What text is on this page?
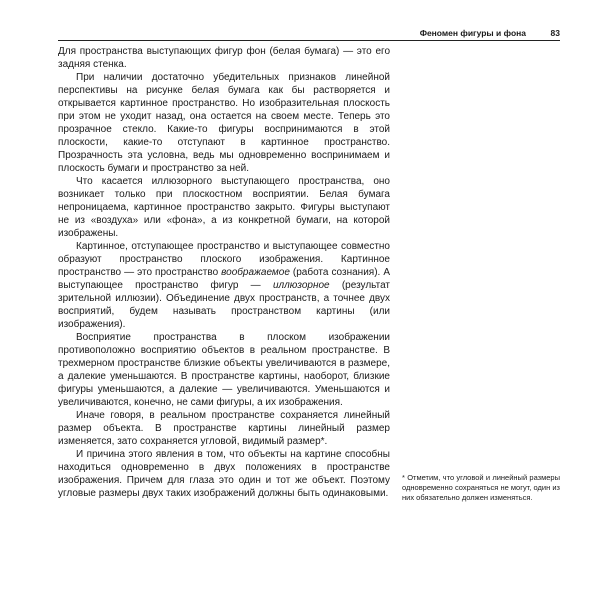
Феномен фигуры и фона	83

Для пространства выступающих фигур фон (белая бумага) — это его задняя стенка.

При наличии достаточно убедительных признаков линейной перспективы на рисунке белая бумага как бы растворяется и открывается картинное пространство. Но изобразительная плоскость при этом не уходит назад, она остается на своем месте. Теперь это прозрачное стекло. Какие-то фигуры воспринимаются в этой плоскости, какие-то отступают в картинное пространство. Прозрачность эта условна, ведь мы одновременно воспринимаем и плоскость бумаги и пространство за ней.

Что касается иллюзорного выступающего пространства, оно возникает только при плоскостном восприятии. Белая бумага непроницаема, картинное пространство закрыто. Фигуры выступают не из «воздуха» или «фона», а из конкретной бумаги, на которой изображены.

Картинное, отступающее пространство и выступающее совместно образуют пространство плоского изображения. Картинное пространство — это пространство воображаемое (работа сознания). А выступающее пространство фигур — иллюзорное (результат зрительной иллюзии). Объединение двух пространств, а точнее двух восприятий, будем называть пространством картины (или изображения).

Восприятие пространства в плоском изображении противоположно восприятию объектов в реальном пространстве. В трехмерном пространстве близкие объекты увеличиваются в размере, а далекие уменьшаются. В пространстве картины, наоборот, близкие фигуры уменьшаются, а далекие — увеличиваются. Уменьшаются и увеличиваются, конечно, не сами фигуры, а их изображения.

Иначе говоря, в реальном пространстве сохраняется линейный размер объекта. В пространстве картины линейный размер изменяется, зато сохраняется угловой, видимый размер*.

И причина этого явления в том, что объекты на картине способны находиться одновременно в двух положениях в пространстве изображения. Причем для глаза это один и тот же объект. Поэтому угловые размеры двух таких изображений должны быть одинаковыми.

* Отметим, что угловой и линейный размеры одновременно сохраняться не могут, один из них обязательно должен изменяться.
